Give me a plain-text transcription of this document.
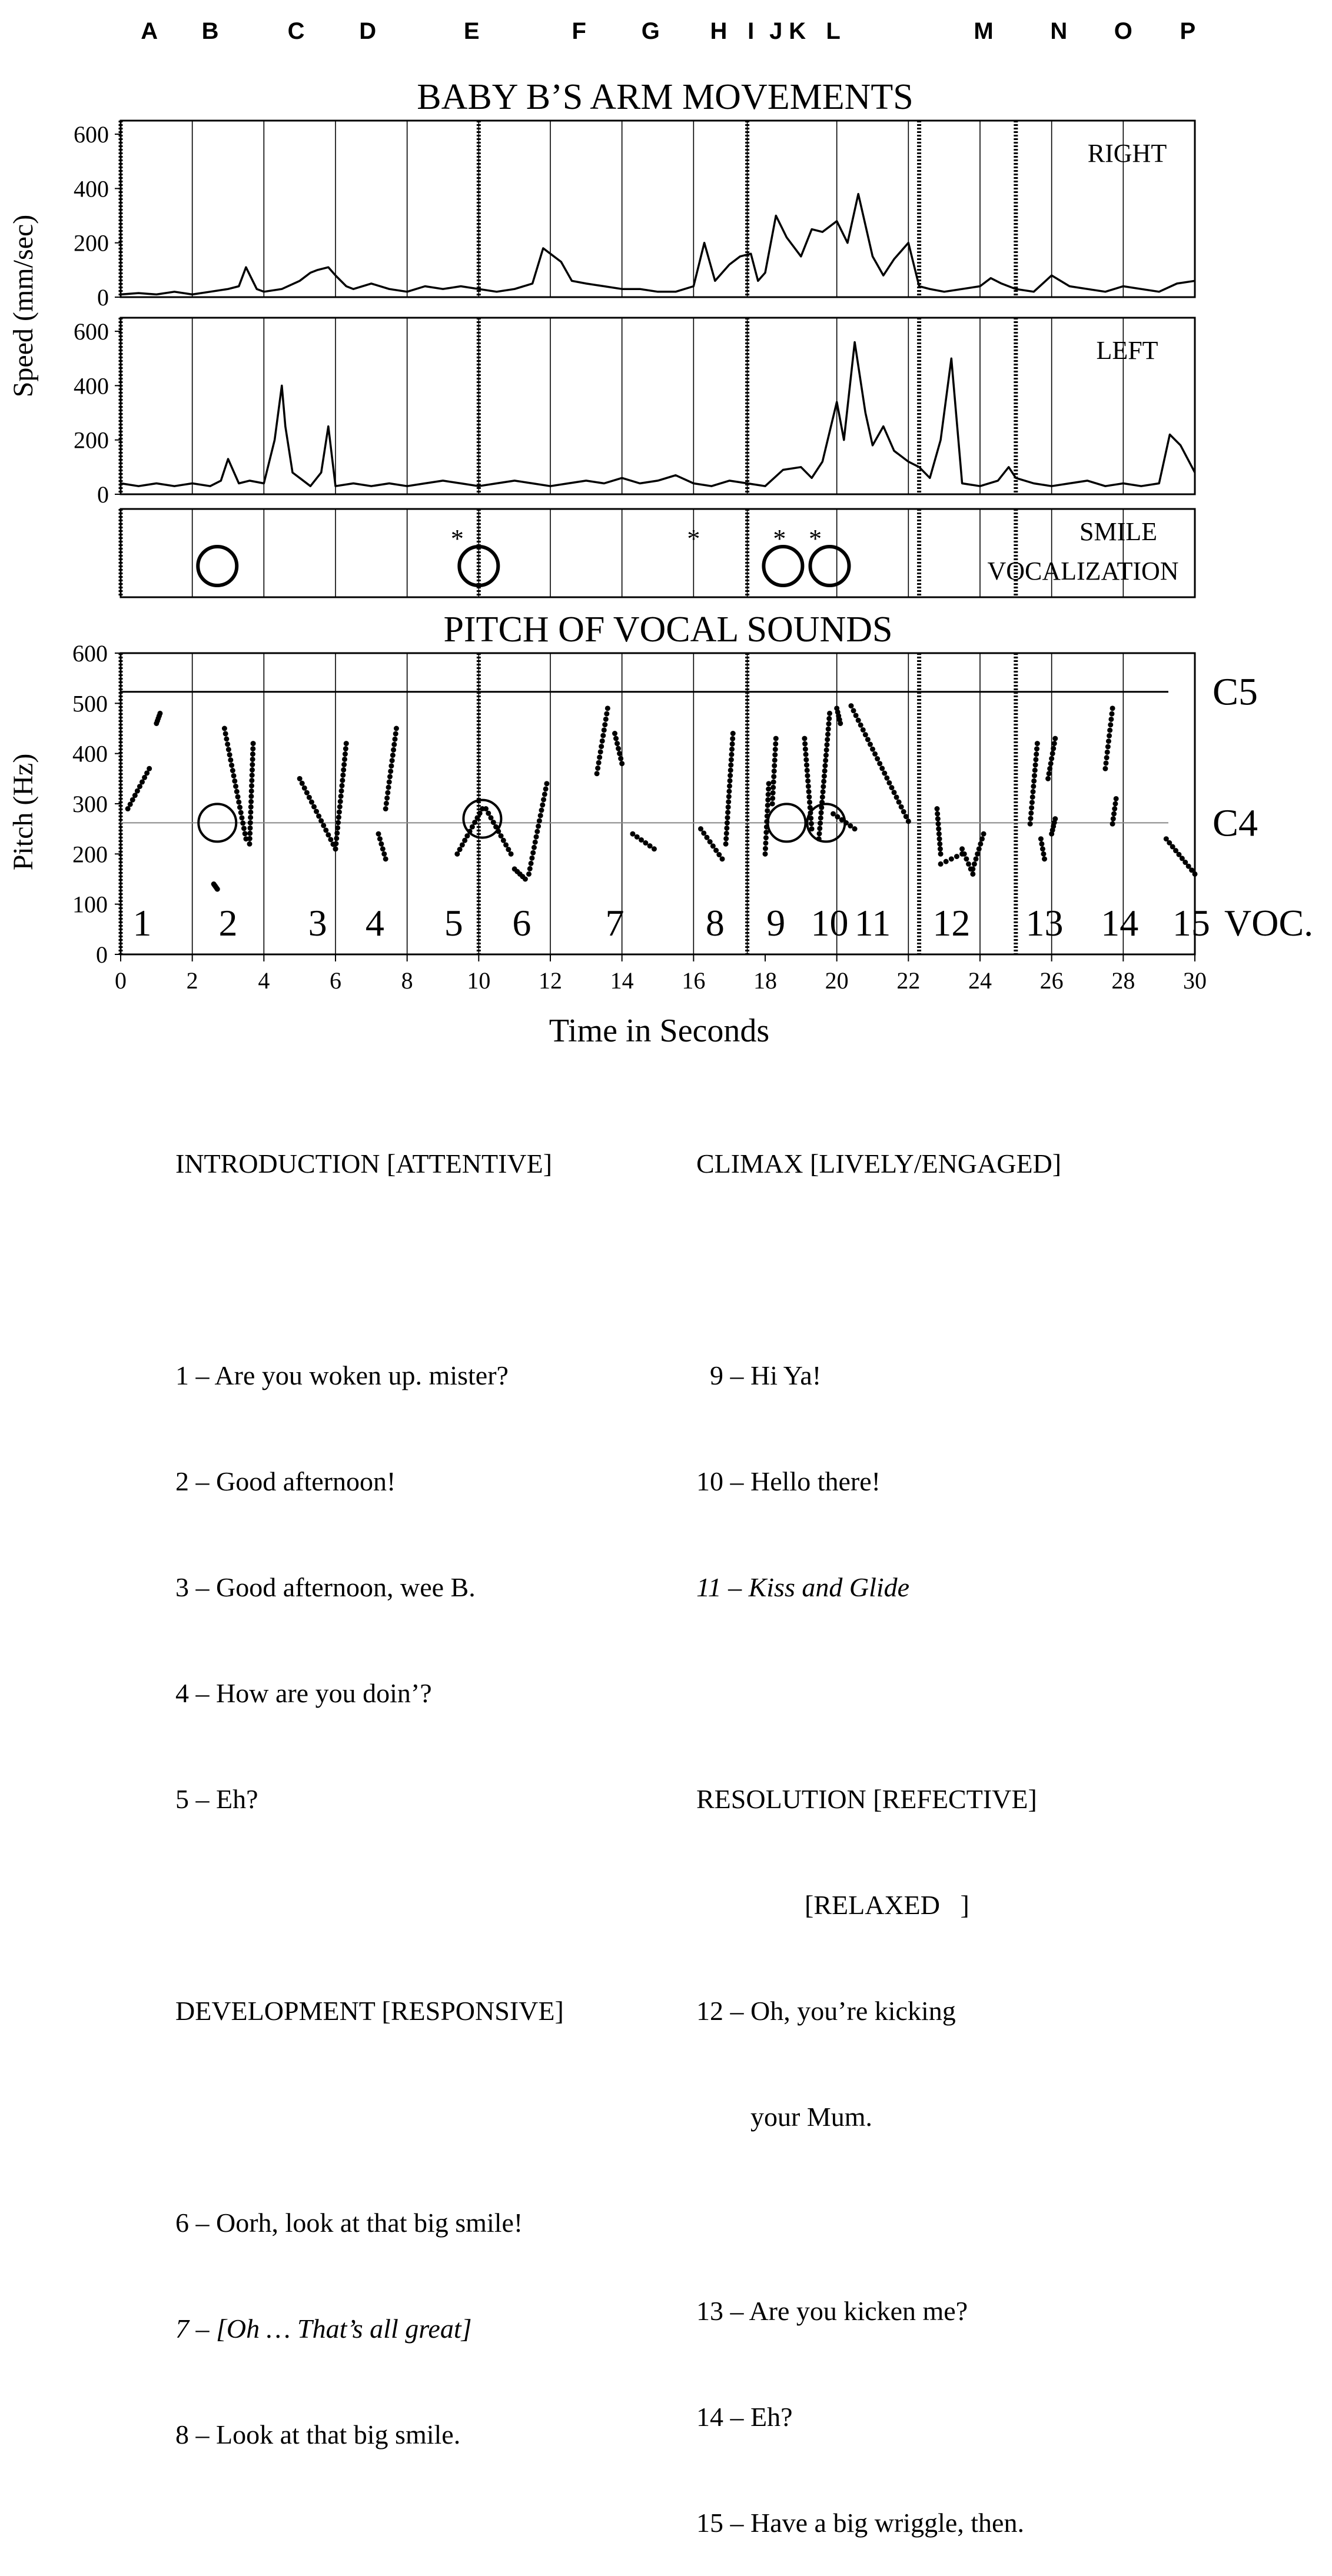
A B	C D	E	F G H I J K L	M N O P
BABY B’S ARM MOVEMENTS
PITCH OF VOCAL SOUNDS
0
200
400
600
RIGHT
0
200
400
600
LEFT
*	*	* *	SMILE
VOCALIZATION
0
100
200
300
400
500
600
0	2	4	6	8 10 12 14 16 18 20 22 24 26 28 30
C5
C4
1 2 3 4 5 6 7 8 9 10 11 12 13 14 15 VOC.
Speed (mm/sec)
Pitch (Hz)
Time in Seconds

INTRODUCTION [ATTENTIVE]

1 – Are you woken up. mister?

2 – Good afternoon!

3 – Good afternoon, wee B.

4 – How are you doin’?

5 – Eh?

DEVELOPMENT [RESPONSIVE]

6 – Oorh, look at that big smile!

7 – [Oh … That’s all great]

8 – Look at that big smile.

CLIMAX [LIVELY/ENGAGED]

9 – Hi Ya!

10 – Hello there!

11 – Kiss and Glide

RESOLUTION [REFECTIVE]

[RELAXED   ]

12 – Oh, you’re kicking

your Mum.

13 – Are you kicken me?

14 – Eh?

15 – Have a big wriggle, then.
